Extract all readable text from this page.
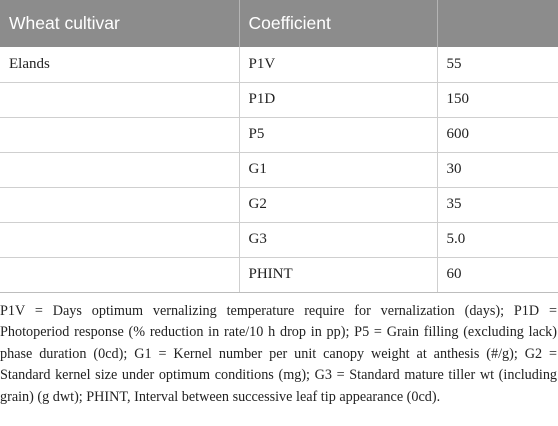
Wheat cultivar	Coefficient	
Elands	P1V	55
	P1D	150
	P5	600
	G1	30
	G2	35
	G3	5.0
	PHINT	60

P1V = Days optimum vernalizing temperature require for vernalization (days); P1D = Photoperiod response (% reduction in rate/10 h drop in pp); P5 = Grain filling (excluding lack) phase duration (0cd); G1 = Kernel number per unit canopy weight at anthesis (#/g); G2 = Standard kernel size under optimum conditions (mg); G3 = Standard mature tiller wt (including grain) (g dwt); PHINT, Interval between successive leaf tip appearance (0cd).
